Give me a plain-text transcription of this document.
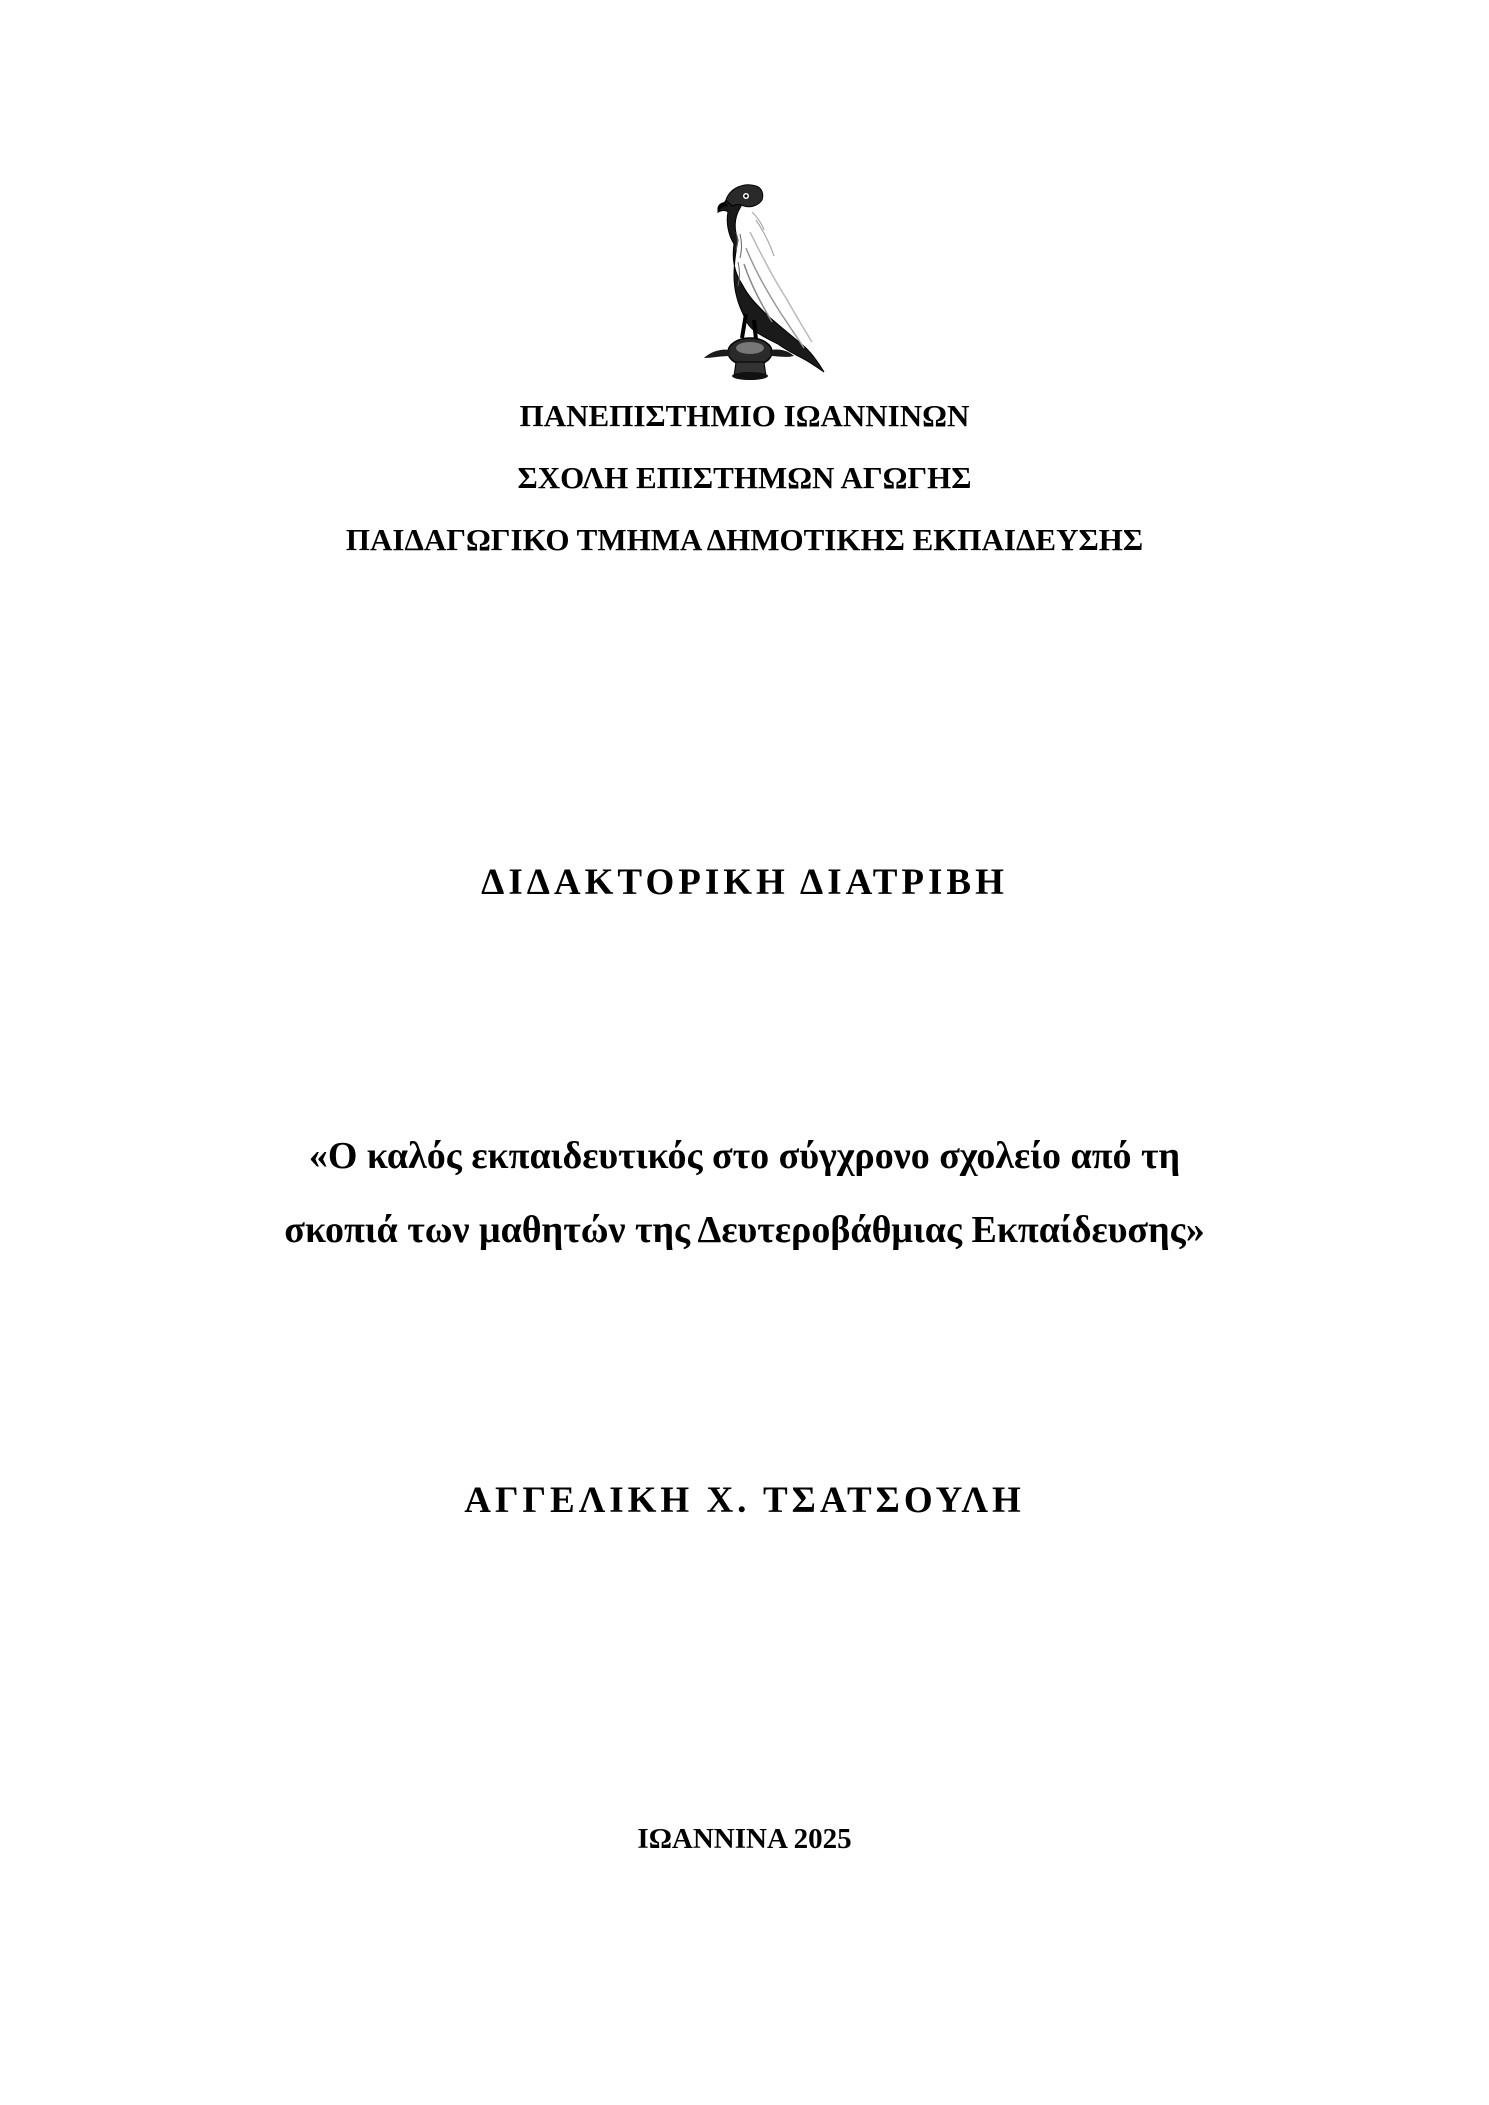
ΠΑΝΕΠΙΣΤΗΜΙΟ ΙΩΑΝΝΙΝΩΝ
ΣΧΟΛΗ ΕΠΙΣΤΗΜΩΝ ΑΓΩΓΗΣ
ΠΑΙΔΑΓΩΓΙΚΟ ΤΜΗΜΑ ΔΗΜΟΤΙΚΗΣ ΕΚΠΑΙΔΕΥΣΗΣ
ΔΙΔΑΚΤΟΡΙΚΗ ΔΙΑΤΡΙΒΗ
«Ο καλός εκπαιδευτικός στο σύγχρονο σχολείο από τη
σκοπιά των μαθητών της Δευτεροβάθμιας Εκπαίδευσης»
ΑΓΓΕΛΙΚΗ Χ. ΤΣΑΤΣΟΥΛΗ
ΙΩΑΝΝΙΝΑ 2025
